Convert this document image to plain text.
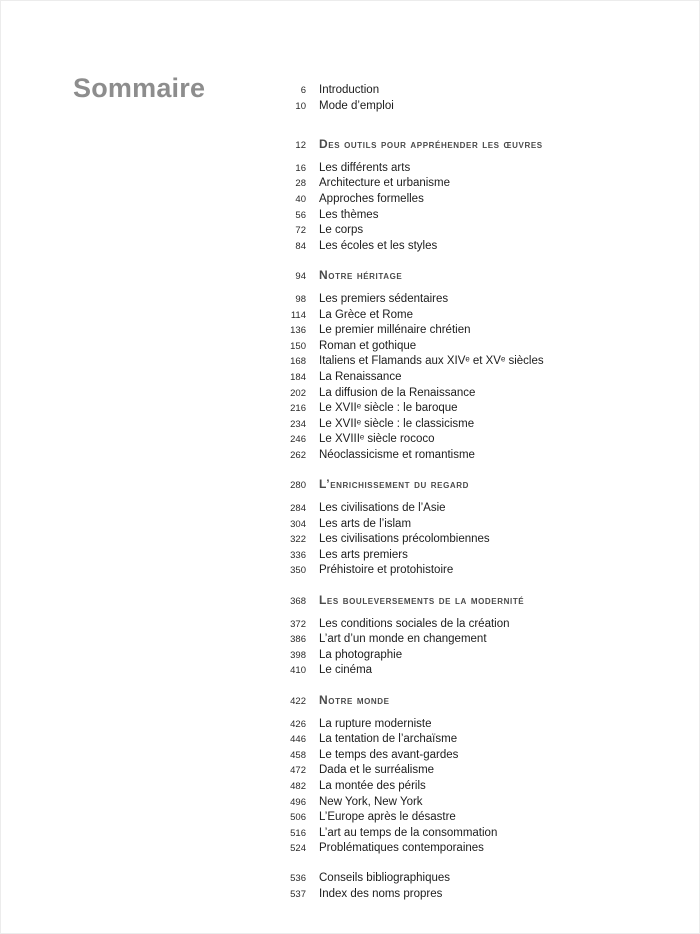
Sommaire	6 Introduction
10 Mode d’emploi
12 Des outils pour appréhender les œuvres
16 Les différents arts
28 Architecture et urbanisme
40 Approches formelles
56 Les thèmes
72 Le corps
84 Les écoles et les styles
94 Notre héritage
98 Les premiers sédentaires
114 La Grèce et Rome
136 Le premier millénaire chrétien
150 Roman et gothique
168 Italiens et Flamands aux XIVᵉ et XVᵉ siècles
184 La Renaissance
202 La diffusion de la Renaissance
216 Le XVIIᵉ siècle : le baroque
234 Le XVIIᵉ siècle : le classicisme
246 Le XVIIIᵉ siècle rococo
262 Néoclassicisme et romantisme
280 L’enrichissement du regard
284 Les civilisations de l’Asie
304 Les arts de l’islam
322 Les civilisations précolombiennes
336 Les arts premiers
350 Préhistoire et protohistoire
368 Les bouleversements de la modernité
372 Les conditions sociales de la création
386 L’art d’un monde en changement
398 La photographie
410 Le cinéma
422 Notre monde
426 La rupture moderniste
446 La tentation de l’archaïsme
458 Le temps des avant-gardes
472 Dada et le surréalisme
482 La montée des périls
496 New York, New York
506 L’Europe après le désastre
516 L’art au temps de la consommation
524 Problématiques contemporaines
536 Conseils bibliographiques
537 Index des noms propres
